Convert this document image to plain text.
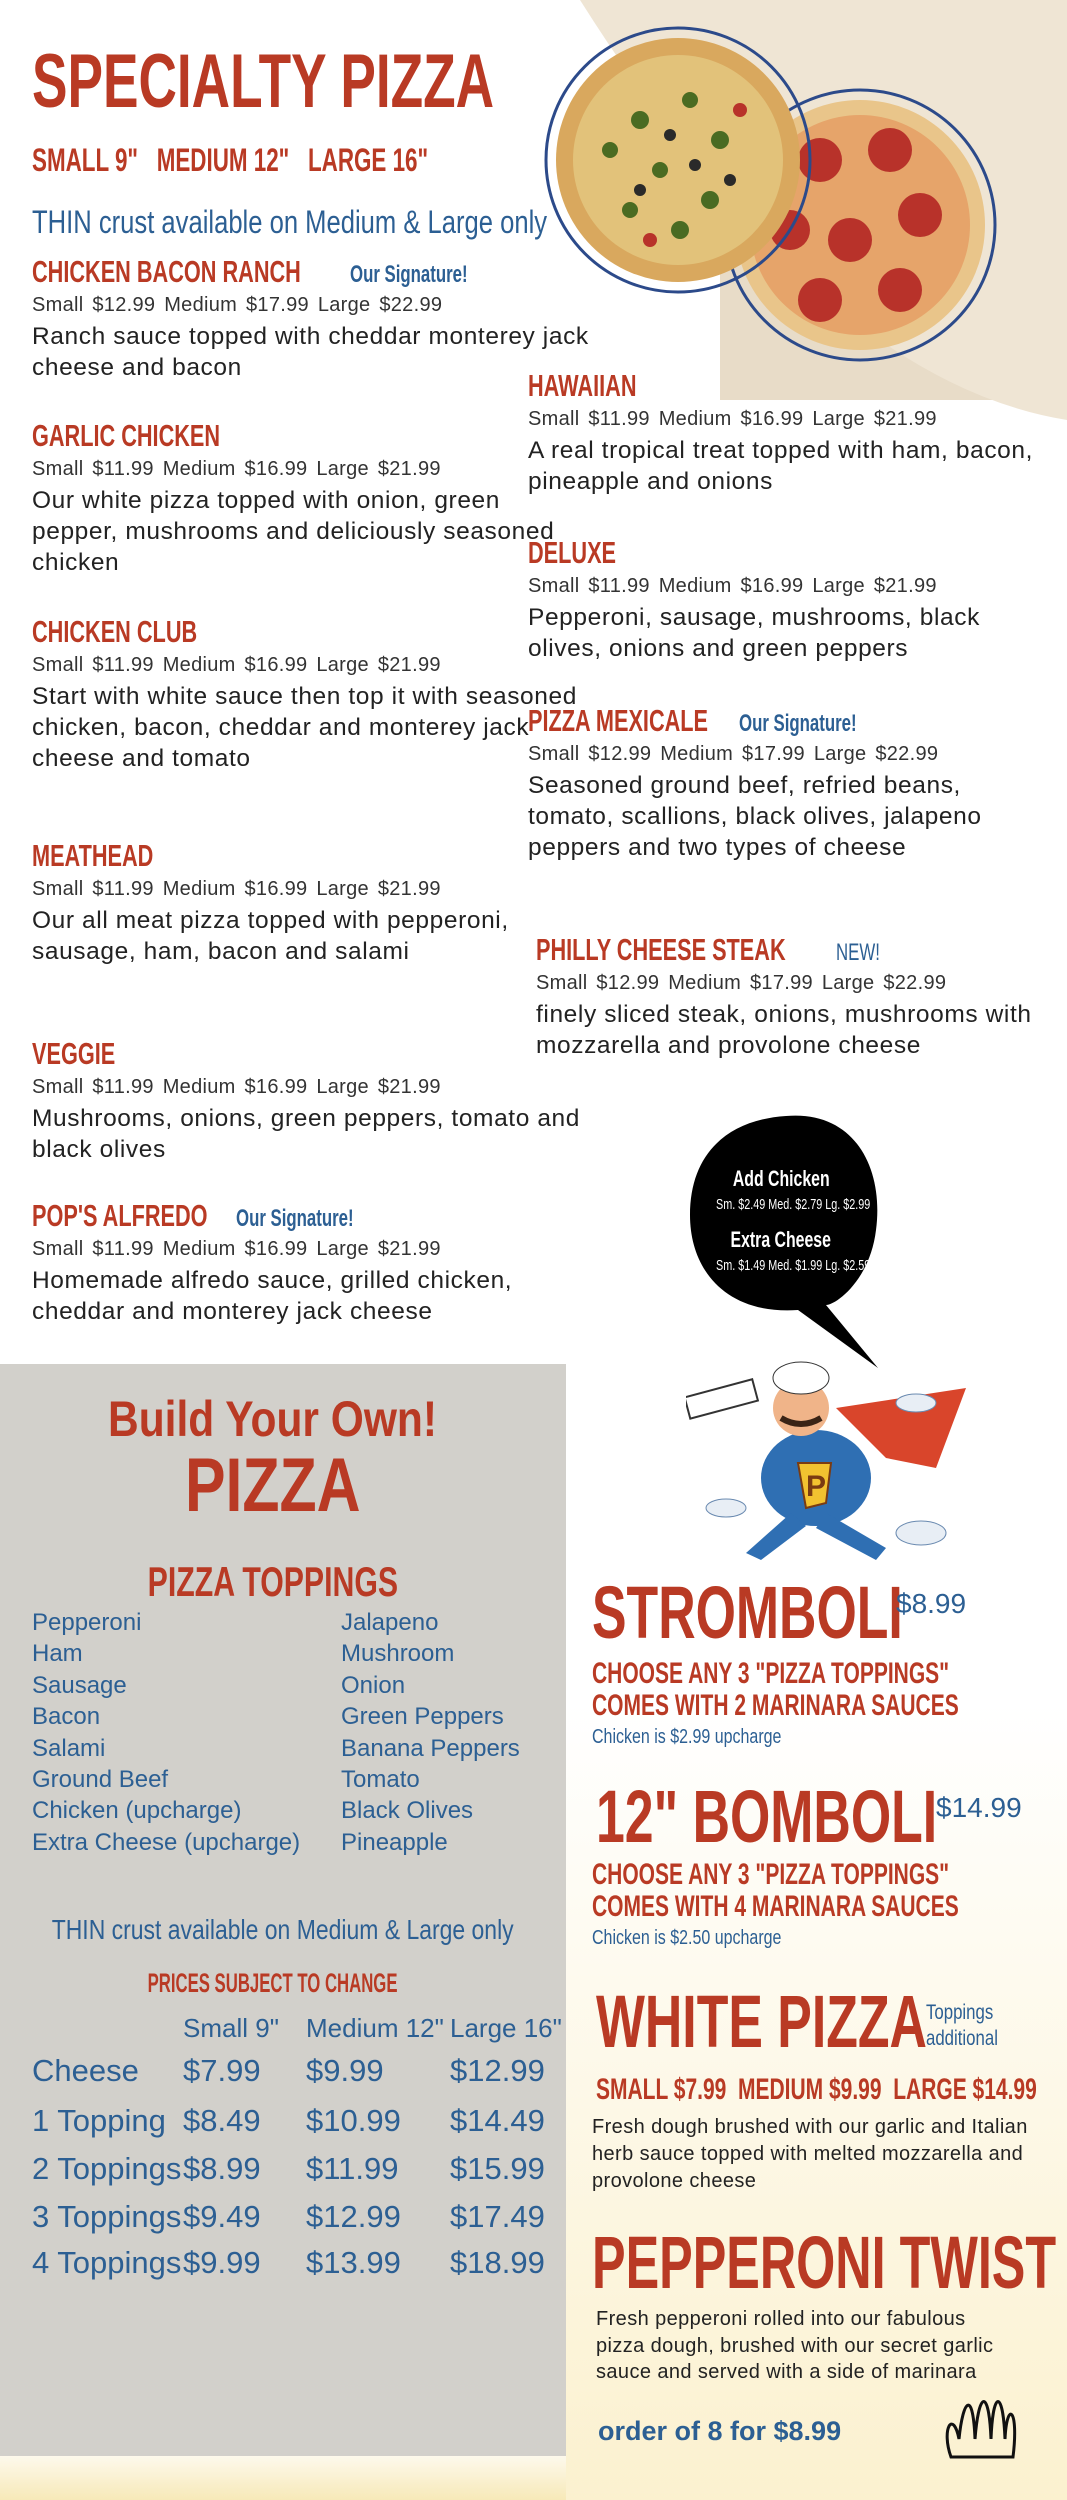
SPECIALTY PIZZA
SMALL 9"   MEDIUM 12"   LARGE 16"
THIN crust available on Medium & Large only
CHICKEN BACON RANCH Our Signature!
Small $12.99 Medium $17.99 Large $22.99
Ranch sauce topped with cheddar monterey jack cheese and bacon
GARLIC CHICKEN
Small $11.99 Medium $16.99 Large $21.99
Our white pizza topped with onion, green pepper, mushrooms and deliciously seasoned chicken
CHICKEN CLUB
Small $11.99 Medium $16.99 Large $21.99
Start with white sauce then top it with seasoned chicken, bacon, cheddar and monterey jack cheese and tomato
MEATHEAD
Small $11.99 Medium $16.99 Large $21.99
Our all meat pizza topped with pepperoni, sausage, ham, bacon and salami
VEGGIE
Small $11.99 Medium $16.99 Large $21.99
Mushrooms, onions, green peppers, tomato and black olives
POP'S ALFREDO Our Signature!
Small $11.99 Medium $16.99 Large $21.99
Homemade alfredo sauce, grilled chicken, cheddar and monterey jack cheese
HAWAIIAN
Small $11.99 Medium $16.99 Large $21.99
A real tropical treat topped with ham, bacon, pineapple and onions
DELUXE
Small $11.99 Medium $16.99 Large $21.99
Pepperoni, sausage, mushrooms, black olives, onions and green peppers
PIZZA MEXICALE Our Signature!
Small $12.99 Medium $17.99 Large $22.99
Seasoned ground beef, refried beans, tomato, scallions, black olives, jalapeno peppers and two types of cheese
PHILLY CHEESE STEAK NEW!
Small $12.99 Medium $17.99 Large $22.99
finely sliced steak, onions, mushrooms with mozzarella and provolone cheese
Add Chicken
Sm. $2.49 Med. $2.79 Lg. $2.99
Extra Cheese
Sm. $1.49 Med. $1.99 Lg. $2.59
P
Build Your Own!
PIZZA
PIZZA TOPPINGS
Pepperoni
Ham
Sausage
Bacon
Salami
Ground Beef
Chicken (upcharge)
Extra Cheese (upcharge)
Jalapeno
Mushroom
Onion
Green Peppers
Banana Peppers
Tomato
Black Olives
Pineapple
THIN crust available on Medium & Large only
PRICES SUBJECT TO CHANGE
Small 9" Medium 12" Large 16"
Cheese $7.99 $9.99 $12.99
1 Topping $8.49 $10.99 $14.49
2 Toppings $8.99 $11.99 $15.99
3 Toppings $9.49 $12.99 $17.49
4 Toppings $9.99 $13.99 $18.99
STROMBOLI
$8.99
CHOOSE ANY 3 "PIZZA TOPPINGS"
COMES WITH 2 MARINARA SAUCES
Chicken is $2.99 upcharge
12" BOMBOLI
$14.99
CHOOSE ANY 3 "PIZZA TOPPINGS"
COMES WITH 4 MARINARA SAUCES
Chicken is $2.50 upcharge
WHITE PIZZA Toppings
additional
SMALL $7.99  MEDIUM $9.99  LARGE $14.99
Fresh dough brushed with our garlic and Italian herb sauce topped with melted mozzarella and provolone cheese
PEPPERONI TWIST
Fresh pepperoni rolled into our fabulous pizza dough, brushed with our secret garlic sauce and served with a side of marinara
order of 8 for $8.99
